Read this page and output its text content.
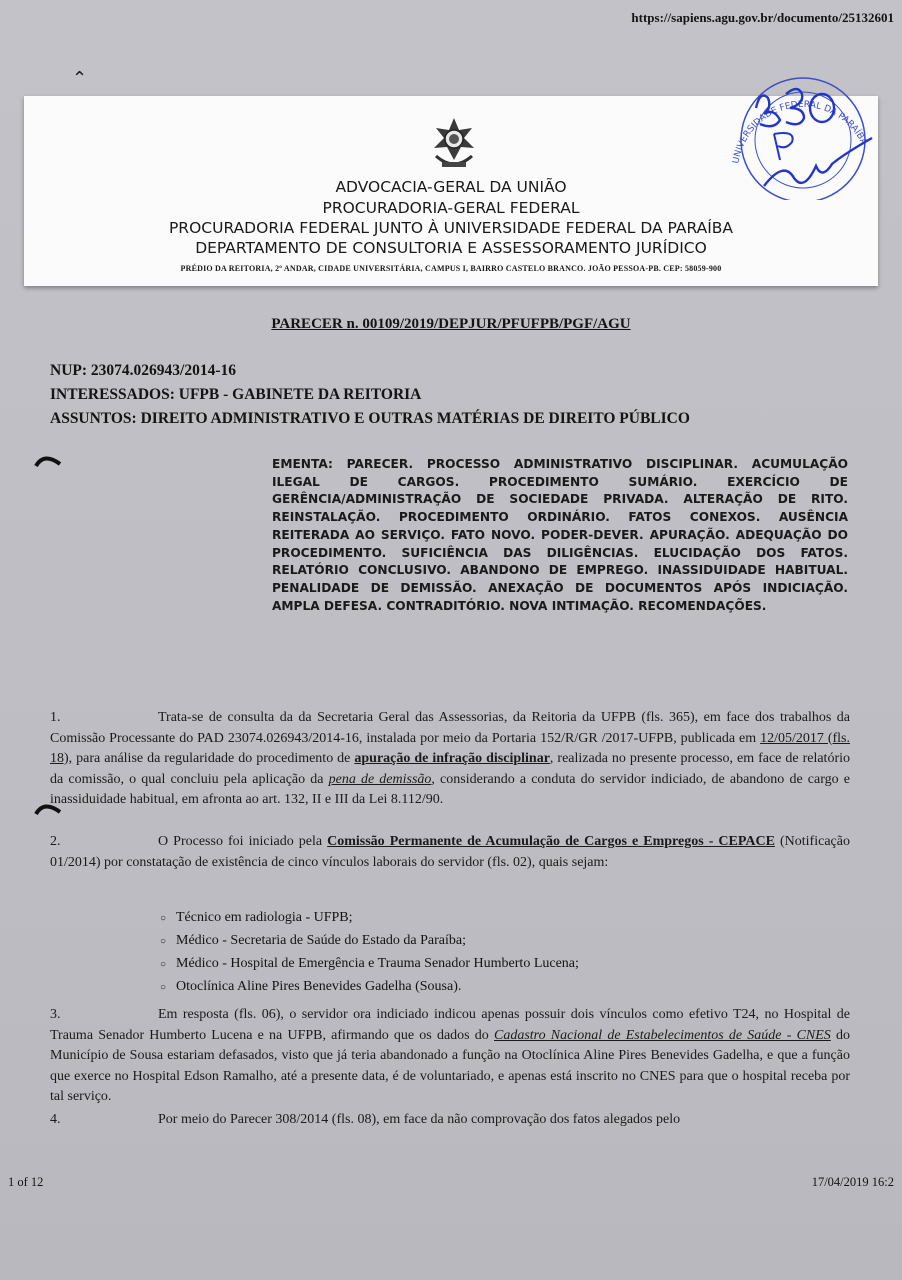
https://sapiens.agu.gov.br/documento/25132601
⌃
ADVOCACIA-GERAL DA UNIÃO
PROCURADORIA-GERAL FEDERAL
PROCURADORIA FEDERAL JUNTO À UNIVERSIDADE FEDERAL DA PARAÍBA
DEPARTAMENTO DE CONSULTORIA E ASSESSORAMENTO JURÍDICO
PRÉDIO DA REITORIA, 2º ANDAR, CIDADE UNIVERSITÁRIA, CAMPUS I, BAIRRO CASTELO BRANCO. JOÃO PESSOA-PB. CEP: 58059-900
UNIVERSIDADE FEDERAL DA PARAÍBA
PARECER n. 00109/2019/DEPJUR/PFUFPB/PGF/AGU
NUP: 23074.026943/2014-16
INTERESSADOS: UFPB - GABINETE DA REITORIA
ASSUNTOS: DIREITO ADMINISTRATIVO E OUTRAS MATÉRIAS DE DIREITO PÚBLICO
EMENTA: PARECER. PROCESSO ADMINISTRATIVO DISCIPLINAR. ACUMULAÇÃO ILEGAL DE CARGOS. PROCEDIMENTO SUMÁRIO. EXERCÍCIO DE GERÊNCIA/ADMINISTRAÇÃO DE SOCIEDADE PRIVADA. ALTERAÇÃO DE RITO. REINSTALAÇÃO. PROCEDIMENTO ORDINÁRIO. FATOS CONEXOS. AUSÊNCIA REITERADA AO SERVIÇO. FATO NOVO. PODER-DEVER. APURAÇÃO. ADEQUAÇÃO DO PROCEDIMENTO. SUFICIÊNCIA DAS DILIGÊNCIAS. ELUCIDAÇÃO DOS FATOS. RELATÓRIO CONCLUSIVO. ABANDONO DE EMPREGO. INASSIDUIDADE HABITUAL. PENALIDADE DE DEMISSÃO. ANEXAÇÃO DE DOCUMENTOS APÓS INDICIAÇÃO. AMPLA DEFESA. CONTRADITÓRIO. NOVA INTIMAÇÃO. RECOMENDAÇÕES.
1.	Trata-se de consulta da da Secretaria Geral das Assessorias, da Reitoria da UFPB (fls. 365), em face dos trabalhos da Comissão Processante do PAD 23074.026943/2014-16, instalada por meio da Portaria 152/R/GR /2017-UFPB, publicada em 12/05/2017 (fls. 18), para análise da regularidade do procedimento de apuração de infração disciplinar, realizada no presente processo, em face de relatório da comissão, o qual concluiu pela aplicação da pena de demissão, considerando a conduta do servidor indiciado, de abandono de cargo e inassiduidade habitual, em afronta ao art. 132, II e III da Lei 8.112/90.
2.	O Processo foi iniciado pela Comissão Permanente de Acumulação de Cargos e Empregos - CEPACE (Notificação 01/2014) por constatação de existência de cinco vínculos laborais do servidor (fls. 02), quais sejam:
○ Técnico em radiologia - UFPB;
○ Médico - Secretaria de Saúde do Estado da Paraíba;
○ Médico - Hospital de Emergência e Trauma Senador Humberto Lucena;
○ Otoclínica Aline Pires Benevides Gadelha (Sousa).
3.	Em resposta (fls. 06), o servidor ora indiciado indicou apenas possuir dois vínculos como efetivo T24, no Hospital de Trauma Senador Humberto Lucena e na UFPB, afirmando que os dados do Cadastro Nacional de Estabelecimentos de Saúde - CNES do Município de Sousa estariam defasados, visto que já teria abandonado a função na Otoclínica Aline Pires Benevides Gadelha, e que a função que exerce no Hospital Edson Ramalho, até a presente data, é de voluntariado, e apenas está inscrito no CNES para que o hospital receba por tal serviço.
4.	Por meio do Parecer 308/2014 (fls. 08), em face da não comprovação dos fatos alegados pelo
1 of 12	17/04/2019 16:2
